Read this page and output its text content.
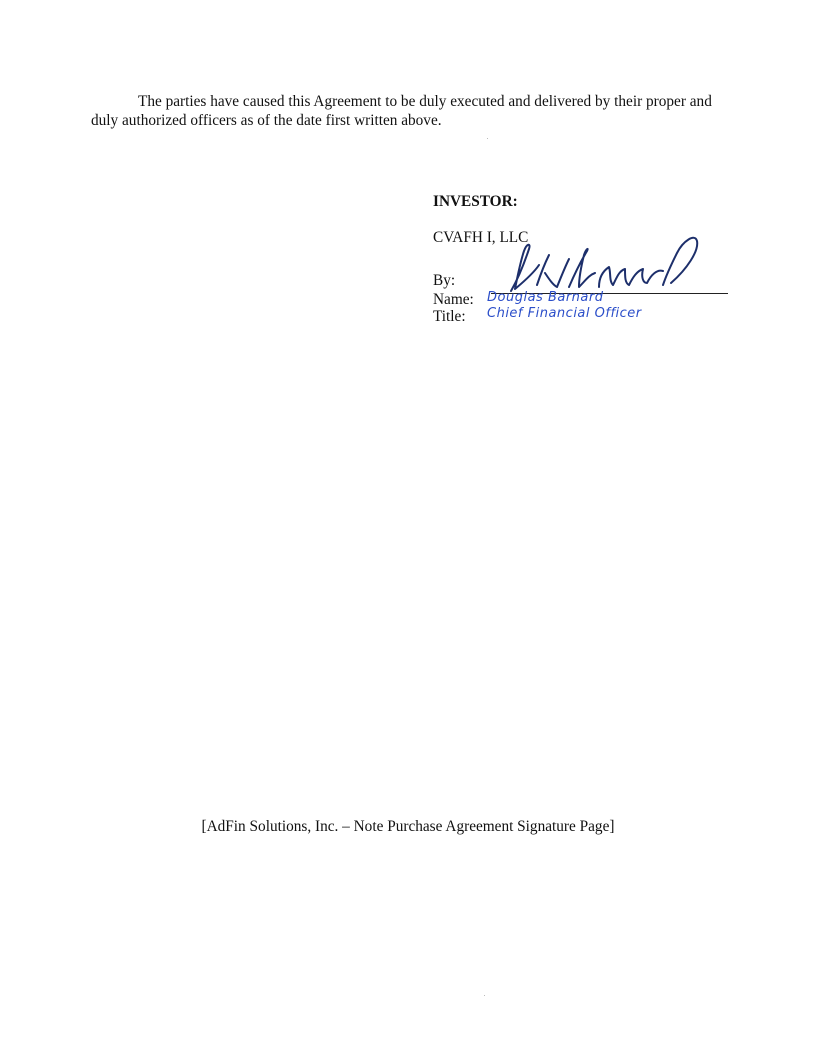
The parties have caused this Agreement to be duly executed and delivered by their proper and duly authorized officers as of the date first written above.

INVESTOR:

CVAFH I, LLC

By:
Name:	Douglas Barnard
Title:	Chief Financial Officer

[AdFin Solutions, Inc. – Note Purchase Agreement Signature Page]
